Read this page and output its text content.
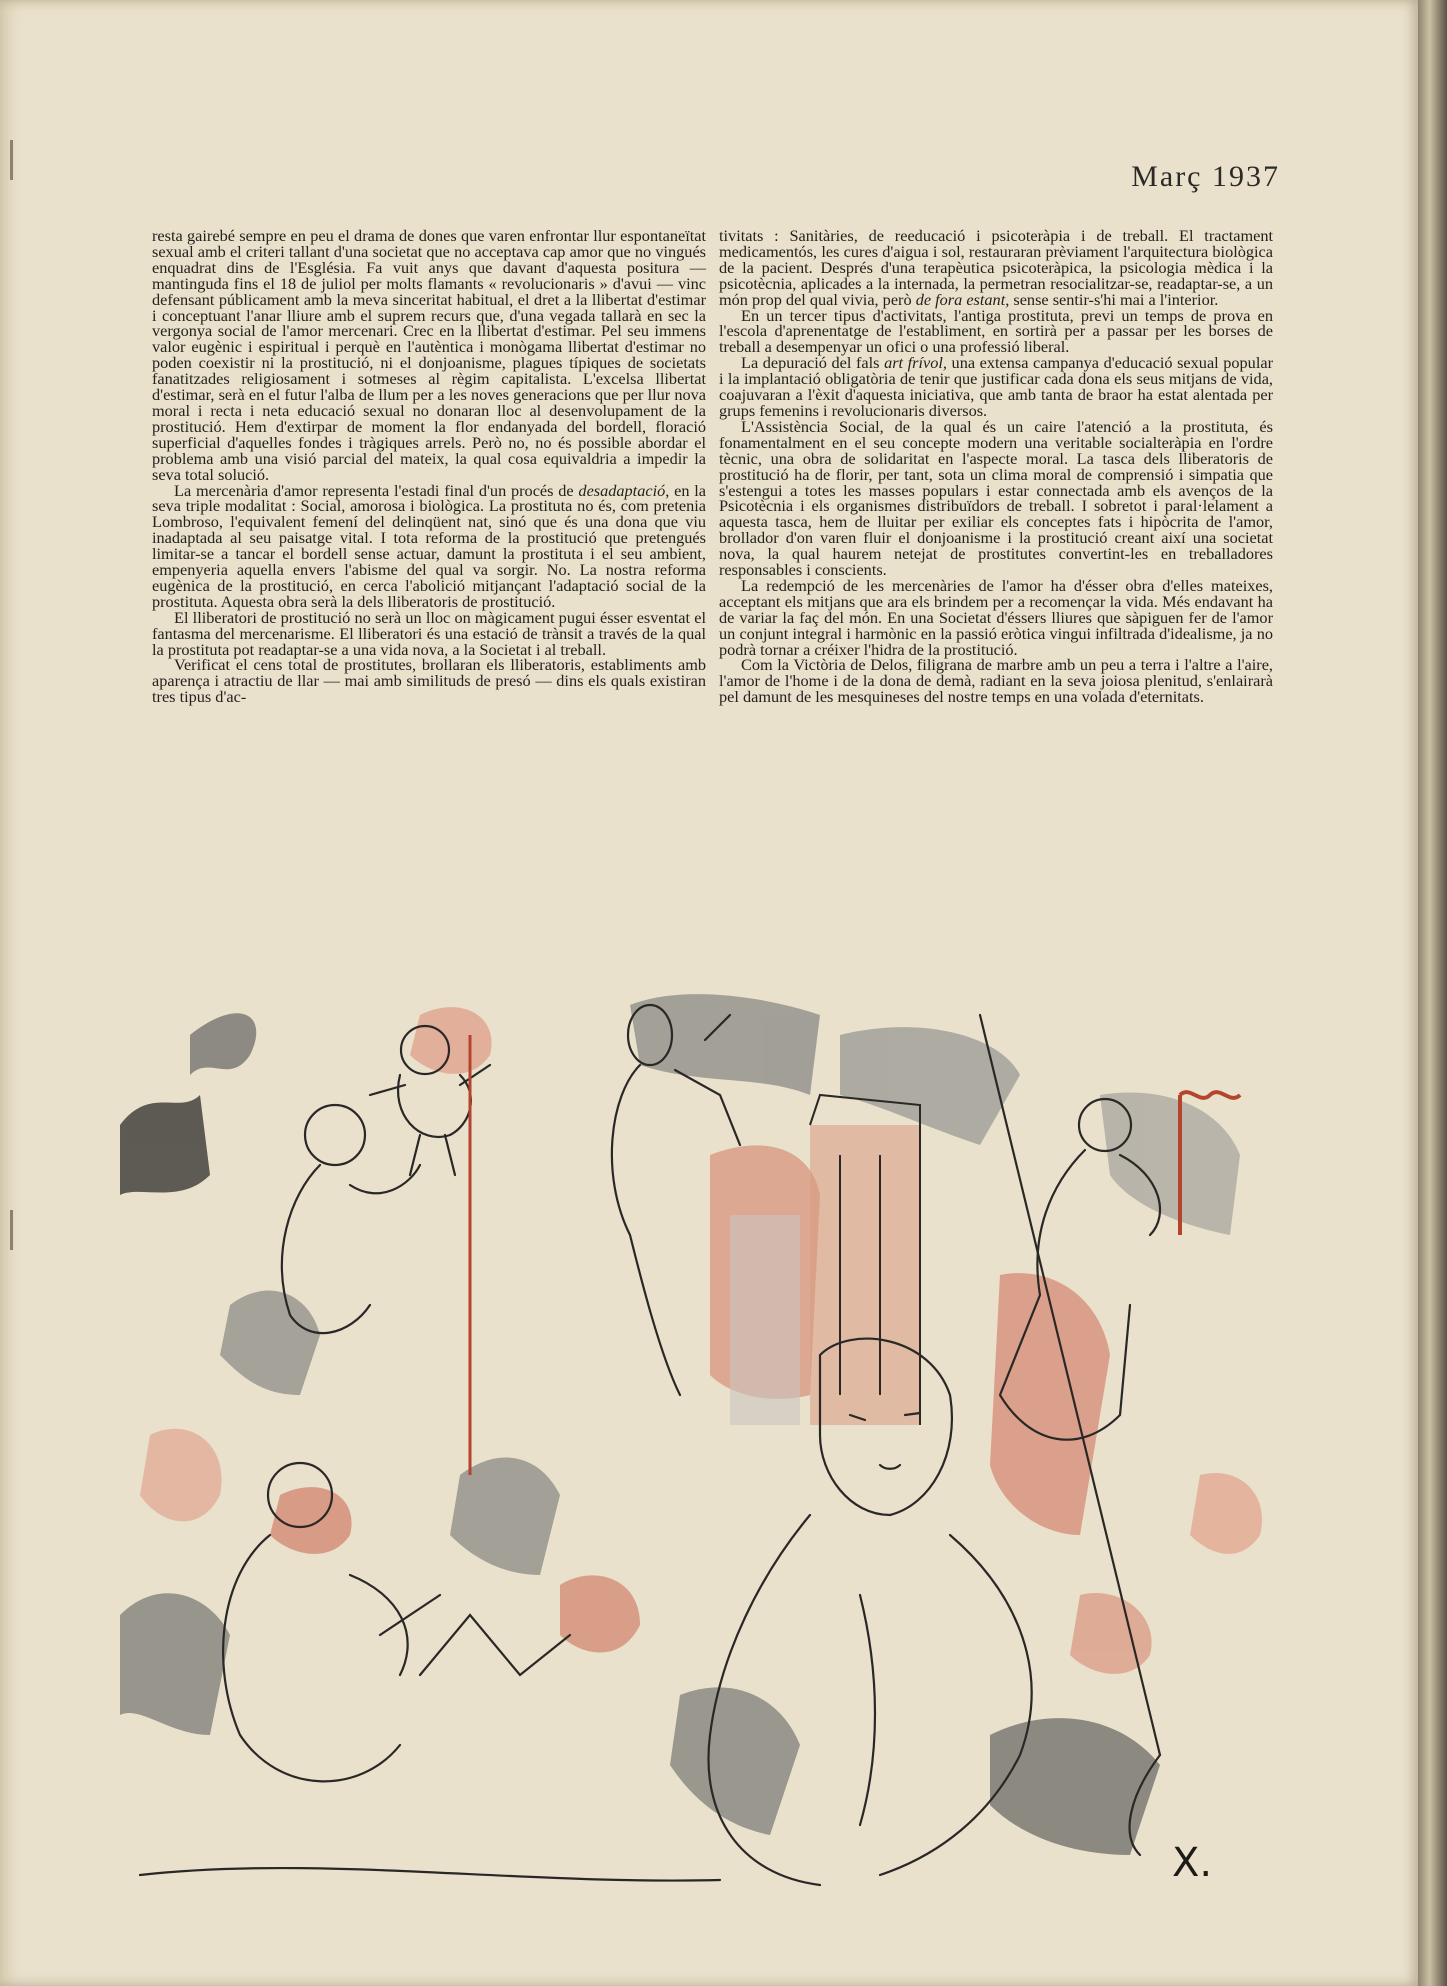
Març 1937

resta gairebé sempre en peu el drama de dones que varen enfrontar llur espontaneïtat sexual amb el criteri tallant d'una societat que no acceptava cap amor que no vingués enquadrat dins de l'Església. Fa vuit anys que davant d'aquesta positura — mantinguda fins el 18 de juliol per molts flamants « revolucionaris » d'avui — vinc defensant públicament amb la meva sinceritat habitual, el dret a la llibertat d'estimar i conceptuant l'anar lliure amb el suprem recurs que, d'una vegada tallarà en sec la vergonya social de l'amor mercenari. Crec en la llibertat d'estimar. Pel seu immens valor eugènic i espiritual i perquè en l'autèntica i monògama llibertat d'estimar no poden coexistir ni la prostitució, ni el donjoanisme, plagues típiques de societats fanatitzades religiosament i sotmeses al règim capitalista. L'excelsa llibertat d'estimar, serà en el futur l'alba de llum per a les noves generacions que per llur nova moral i recta i neta educació sexual no donaran lloc al desenvolupament de la prostitució. Hem d'extirpar de moment la flor endanyada del bordell, floració superficial d'aquelles fondes i tràgiques arrels. Però no, no és possible abordar el problema amb una visió parcial del mateix, la qual cosa equivaldria a impedir la seva total solució.

La mercenària d'amor representa l'estadi final d'un procés de desadaptació, en la seva triple modalitat : Social, amorosa i biològica. La prostituta no és, com pretenia Lombroso, l'equivalent femení del delinqüent nat, sinó que és una dona que viu inadaptada al seu paisatge vital. I tota reforma de la prostitució que pretengués limitar-se a tancar el bordell sense actuar, damunt la prostituta i el seu ambient, empenyeria aquella envers l'abisme del qual va sorgir. No. La nostra reforma eugènica de la prostitució, en cerca l'abolició mitjançant l'adaptació social de la prostituta. Aquesta obra serà la dels lliberatoris de prostitució.

El lliberatori de prostitució no serà un lloc on màgicament pugui ésser esventat el fantasma del mercenarisme. El lliberatori és una estació de trànsit a través de la qual la prostituta pot readaptar-se a una vida nova, a la Societat i al treball.

Verificat el cens total de prostitutes, brollaran els lliberatoris, establiments amb aparença i atractiu de llar — mai amb similituds de presó — dins els quals existiran tres tipus d'ac-

tivitats : Sanitàries, de reeducació i psicoteràpia i de treball. El tractament medicamentós, les cures d'aigua i sol, restauraran prèviament l'arquitectura biològica de la pacient. Després d'una terapèutica psicoteràpica, la psicologia mèdica i la psicotècnia, aplicades a la internada, la permetran resocialitzar-se, readaptar-se, a un món prop del qual vivia, però de fora estant, sense sentir-s'hi mai a l'interior.

En un tercer tipus d'activitats, l'antiga prostituta, previ un temps de prova en l'escola d'aprenentatge de l'establiment, en sortirà per a passar per les borses de treball a desempenyar un ofici o una professió liberal.

La depuració del fals art frívol, una extensa campanya d'educació sexual popular i la implantació obligatòria de tenir que justificar cada dona els seus mitjans de vida, coajuvaran a l'èxit d'aquesta iniciativa, que amb tanta de braor ha estat alentada per grups femenins i revolucionaris diversos.

L'Assistència Social, de la qual és un caire l'atenció a la prostituta, és fonamentalment en el seu concepte modern una veritable socialteràpia en l'ordre tècnic, una obra de solidaritat en l'aspecte moral. La tasca dels lliberatoris de prostitució ha de florir, per tant, sota un clima moral de comprensió i simpatia que s'estengui a totes les masses populars i estar connectada amb els avenços de la Psicotècnia i els organismes distribuïdors de treball. I sobretot i paral·lelament a aquesta tasca, hem de lluitar per exiliar els conceptes fats i hipòcrita de l'amor, brollador d'on varen fluir el donjoanisme i la prostitució creant així una societat nova, la qual haurem netejat de prostitutes convertint-les en treballadores responsables i conscients.

La redempció de les mercenàries de l'amor ha d'ésser obra d'elles mateixes, acceptant els mitjans que ara els brindem per a recomençar la vida. Més endavant ha de variar la faç del món. En una Societat d'éssers lliures que sàpiguen fer de l'amor un conjunt integral i harmònic en la passió eròtica vingui infiltrada d'idealisme, ja no podrà tornar a créixer l'hidra de la prostitució.

Com la Victòria de Delos, filigrana de marbre amb un peu a terra i l'altre a l'aire, l'amor de l'home i de la dona de demà, radiant en la seva joiosa plenitud, s'enlairarà pel damunt de les mesquineses del nostre temps en una volada d'eternitats.

X.
